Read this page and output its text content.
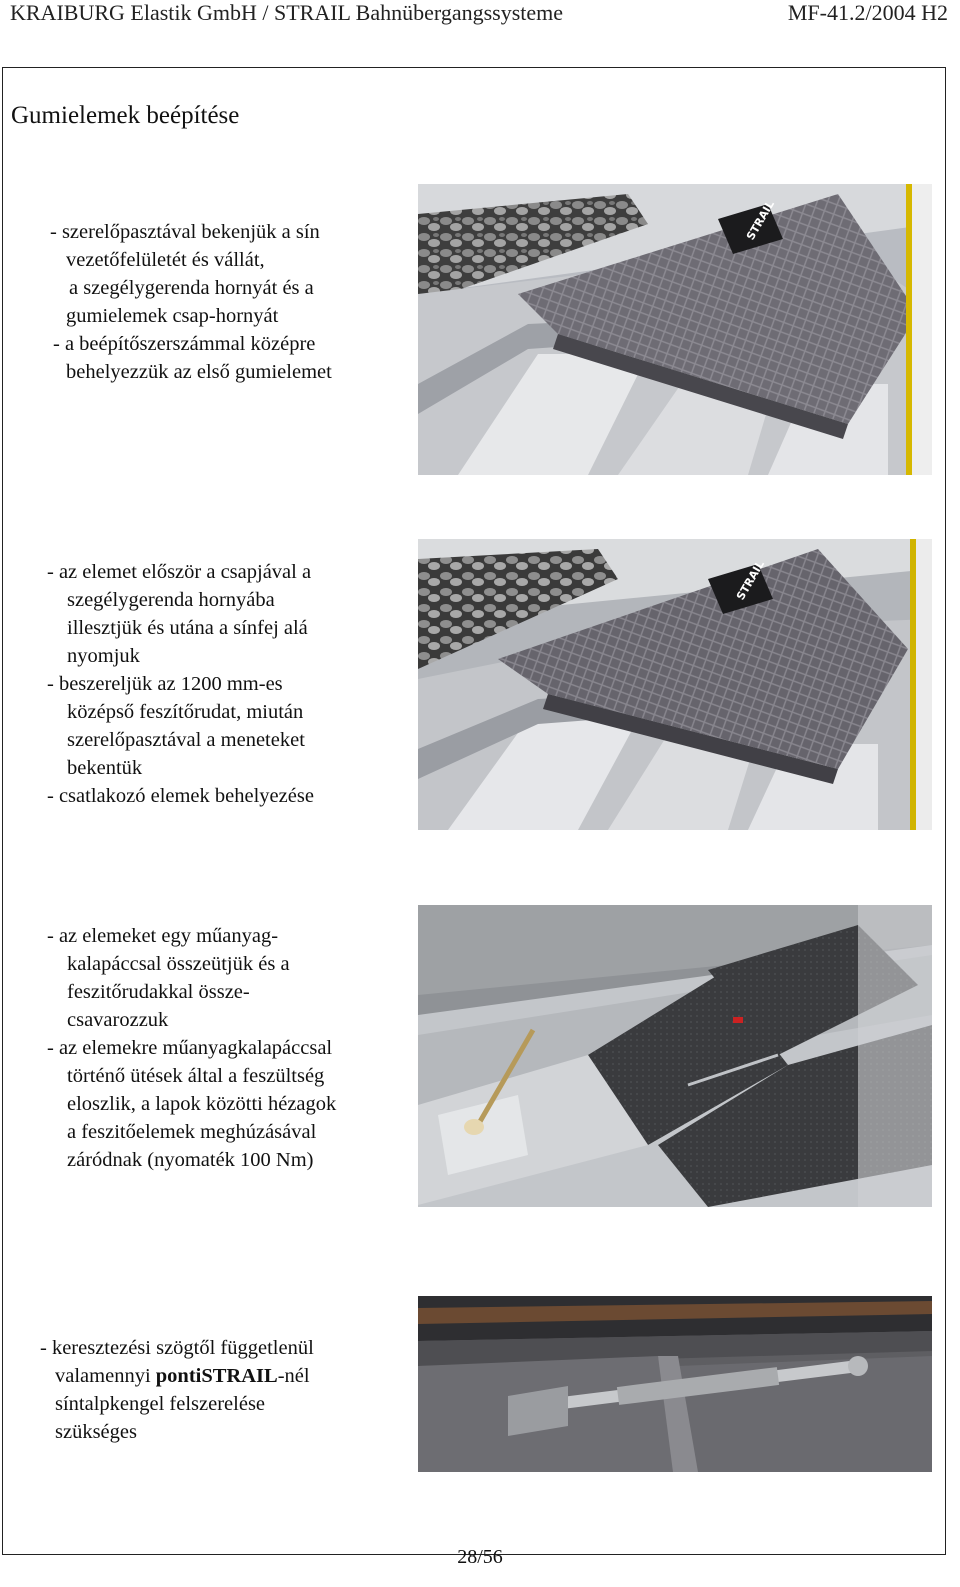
KRAIBURG Elastik GmbH / STRAIL Bahnübergangssysteme	MF-41.2/2004 H2
Gumielemek beépítése
- szerelőpasztával bekenjük a sín
vezetőfelületét és vállát,
a szegélygerenda hornyát és a
gumielemek csap-hornyát
- a beépítőszerszámmal középre
behelyezzük az első gumielemet
- az elemet először a csapjával a
szegélygerenda hornyába
illesztjük és utána a sínfej alá
nyomjuk
- beszereljük az 1200 mm-es
középső feszítőrudat, miután
szerelőpasztával a meneteket
bekentük
- csatlakozó elemek behelyezése
- az elemeket egy műanyag-
kalapáccsal összeütjük és a
feszitőrudakkal össze-
csavarozzuk
- az elemekre műanyagkalapáccsal
történő ütések által a feszültség
eloszlik, a lapok közötti hézagok
a feszitőelemek meghúzásával
záródnak (nyomaték 100 Nm)
- keresztezési szögtől függetlenül
valamennyi pontiSTRAIL-nél
síntalpkengel felszerelése
szükséges
STRAIL
STRAIL
28/56
